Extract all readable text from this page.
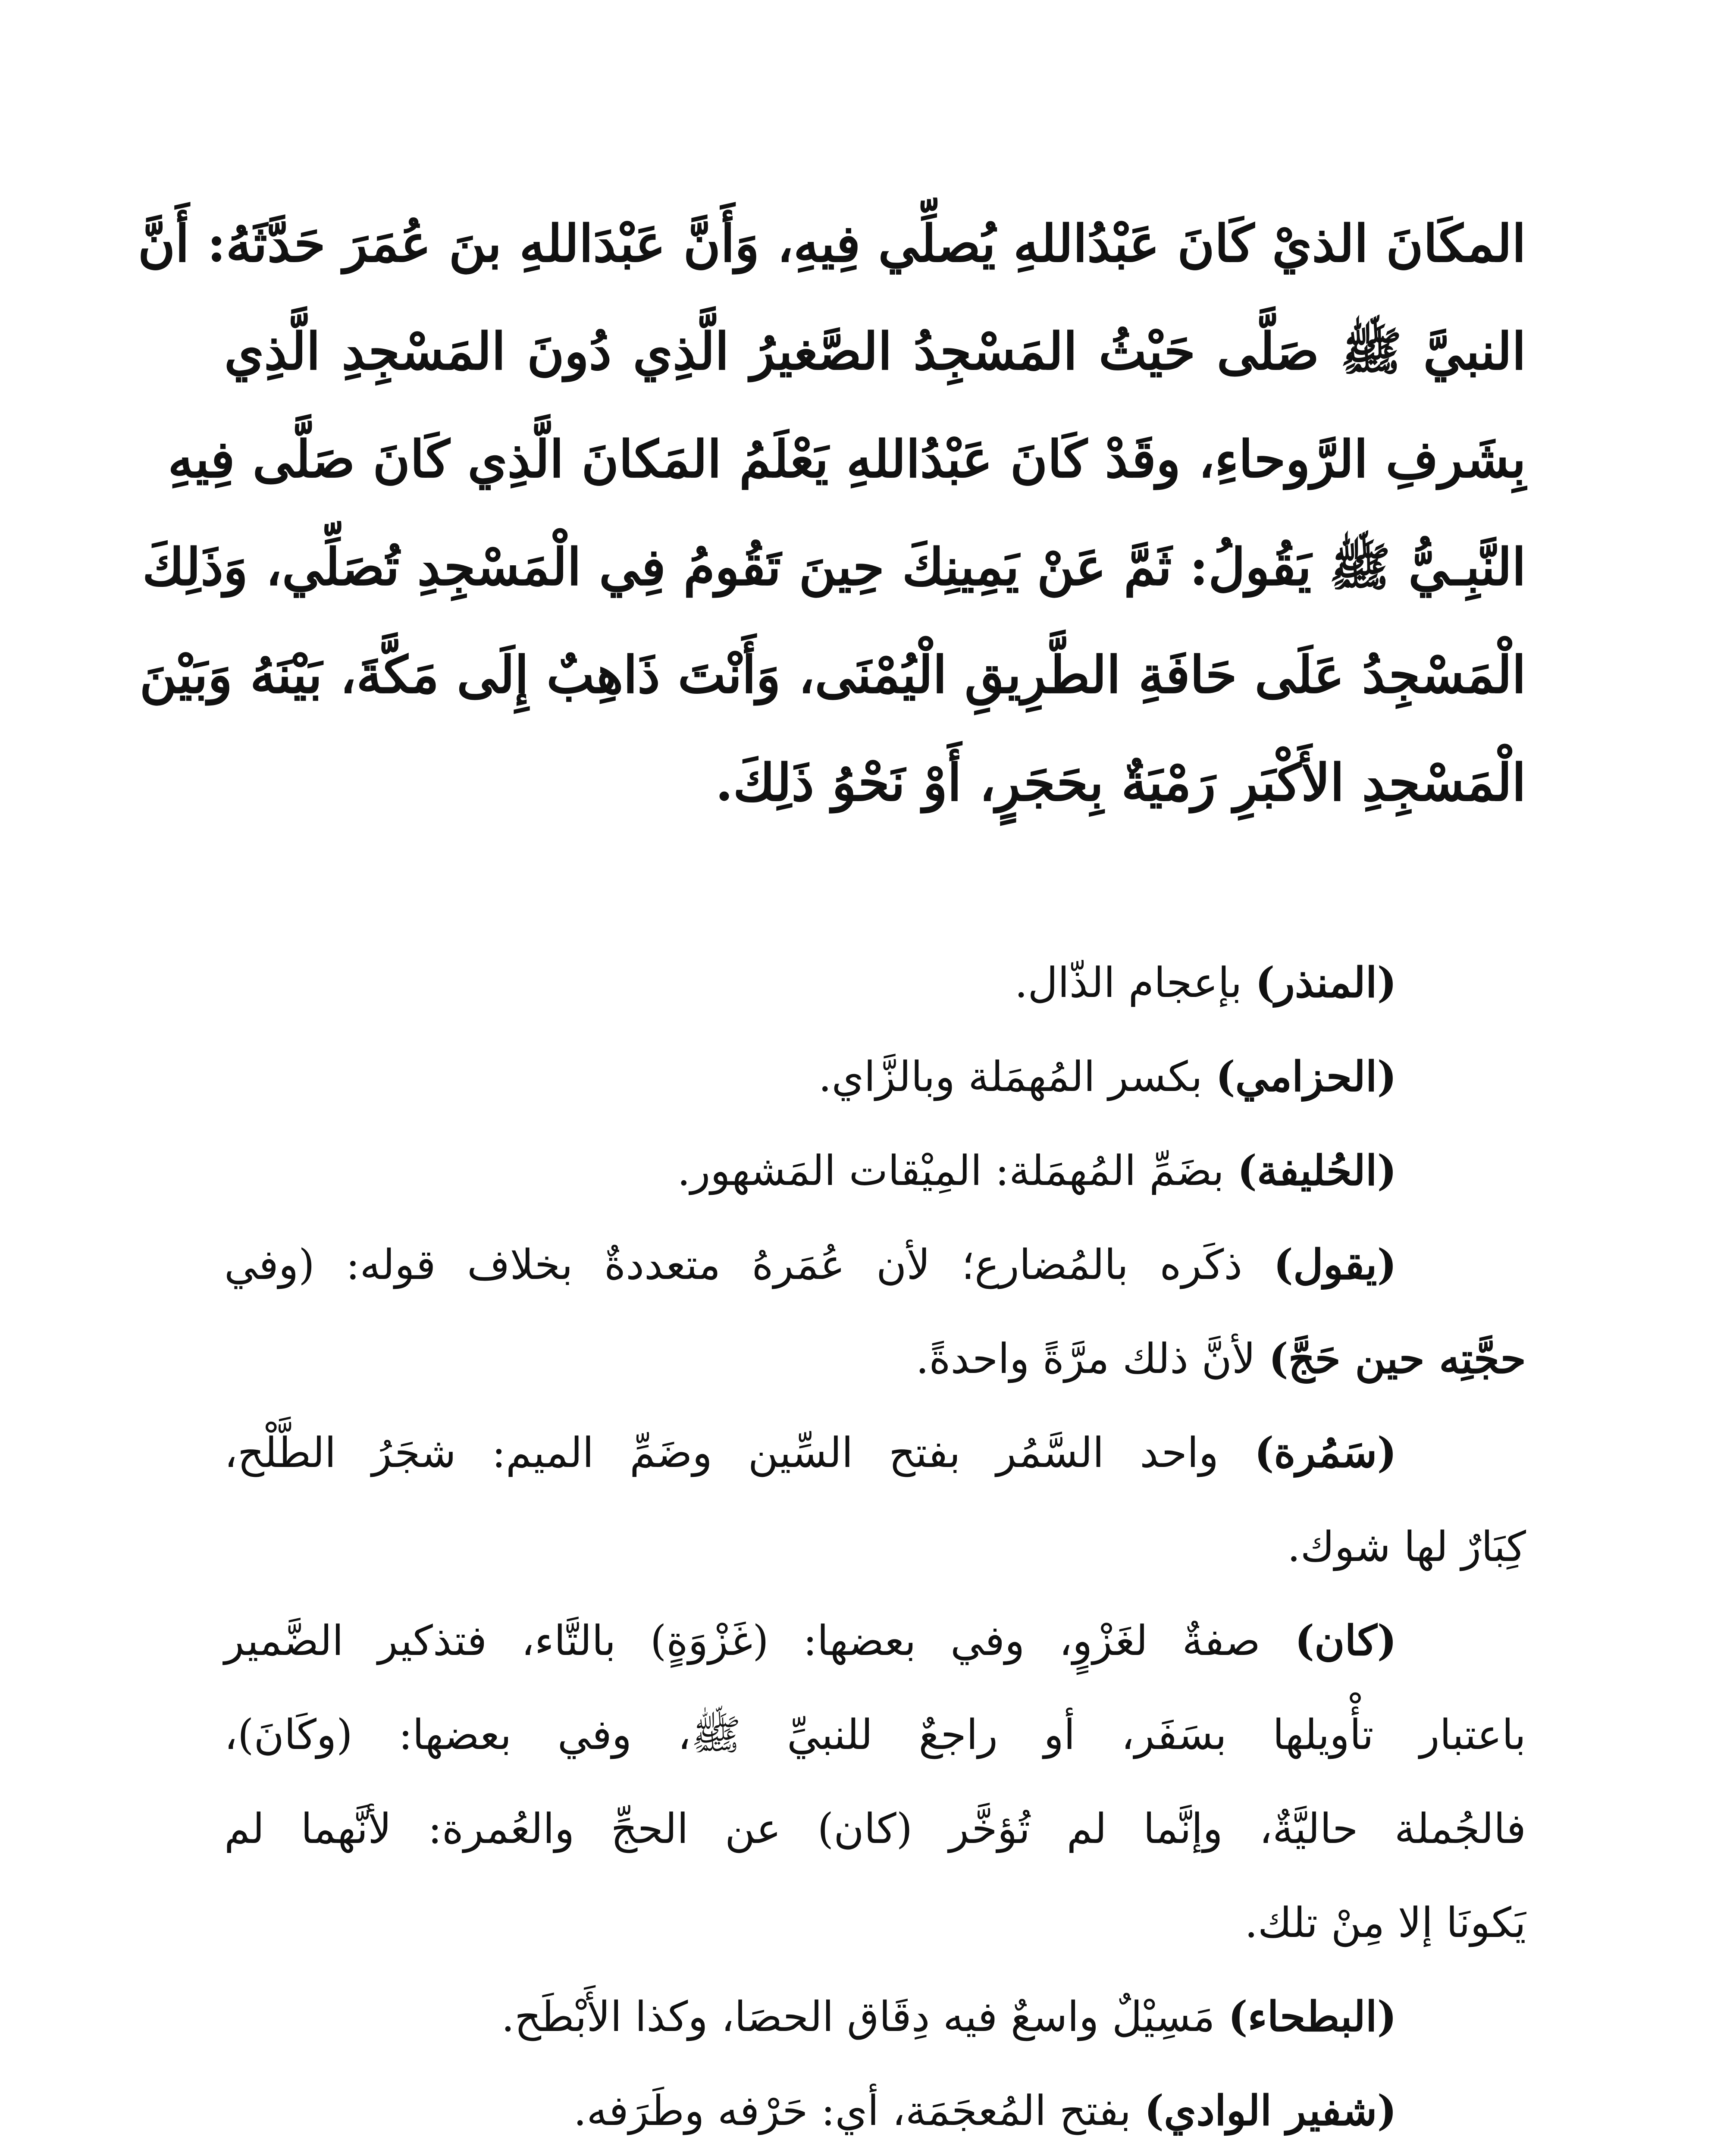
المكَانَ الذيْ كَانَ عَبْدُاللهِ يُصلِّي فِيهِ، وَأَنَّ عَبْدَاللهِ بنَ عُمَرَ حَدَّثَهُ: أَنَّ
النبيَّ ﷺ صَلَّى حَيْثُ المَسْجِدُ الصَّغيرُ الَّذِي دُونَ المَسْجِدِ الَّذِي
بِشَرفِ الرَّوحاءِ، وقَدْ كَانَ عَبْدُاللهِ يَعْلَمُ المَكانَ الَّذِي كَانَ صَلَّى فِيهِ
النَّبِـيُّ ﷺ يَقُولُ: ثَمَّ عَنْ يَمِينِكَ حِينَ تَقُومُ فِي الْمَسْجِدِ تُصَلِّي، وَذَلِكَ
الْمَسْجِدُ عَلَى حَافَةِ الطَّرِيقِ الْيُمْنَى، وَأَنْتَ ذَاهِبٌ إِلَى مَكَّةَ، بَيْنَهُ وَبَيْنَ
الْمَسْجِدِ الأَكْبَرِ رَمْيَةٌ بِحَجَرٍ، أَوْ نَحْوُ ذَلِكَ.
(المنذر) بإعجام الذّال.
(الحزامي) بكسر المُهمَلة وبالزَّاي.
(الحُليفة) بضَمِّ المُهمَلة: المِيْقات المَشهور.
(يقول) ذكَره بالمُضارع؛ لأن عُمَرهُ متعددةٌ بخلاف قوله: (وفي
حجَّتِه حين حَجَّ) لأنَّ ذلك مرَّةً واحدةً.
(سَمُرة) واحد السَّمُر بفتح السِّين وضَمِّ الميم: شجَرُ الطَّلْح،
كِبَارٌ لها شوك.
(كان) صفةٌ لغَزْوٍ، وفي بعضها: (غَزْوَةٍ) بالتَّاء، فتذكير الضَّمير
باعتبار تأْويلها بسَفَر، أو راجعٌ للنبيِّ ﷺ، وفي بعضها: (وكَانَ)،
فالجُملة حاليَّةٌ، وإنَّما لم تُؤخَّر (كان) عن الحجِّ والعُمرة: لأنَّهما لم
يَكونَا إلا مِنْ تلك.
(البطحاء) مَسِيْلٌ واسعٌ فيه دِقَاق الحصَا، وكذا الأَبْطَح.
(شفير الوادي) بفتح المُعجَمَة، أي: حَرْفه وطَرَفه.
